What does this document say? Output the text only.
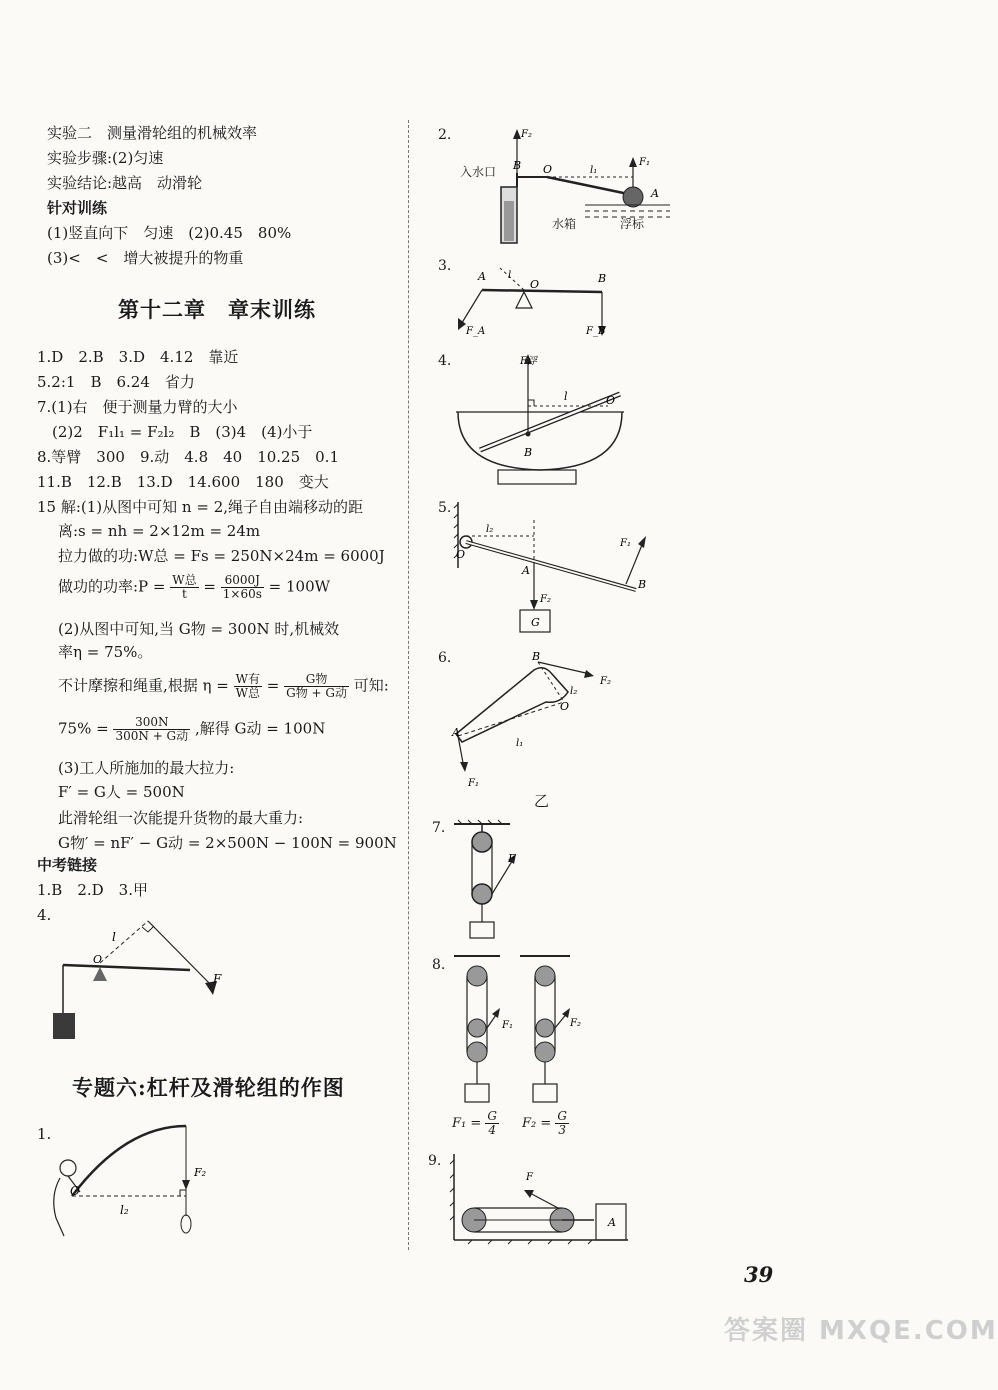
实验二　测量滑轮组的机械效率
实验步骤:(2)匀速
实验结论:越高　动滑轮
针对训练
(1)竖直向下　匀速　(2)0.45　80%
(3)<　<　增大被提升的物重
第十二章　章末训练
1.D　2.B　3.D　4.12　靠近
5.2:1　B　6.24　省力
7.(1)右　便于测量力臂的大小
(2)2　F₁l₁ = F₂l₂　B　(3)4　(4)小于
8.等臂　300　9.动　4.8　40　10.25　0.1
11.B　12.B　13.D　14.600　180　变大
15 解:(1)从图中可知 n = 2,绳子自由端移动的距
离:s = nh = 2×12m = 24m
拉力做的功:W总 = Fs = 250N×24m = 6000J
做功的功率:P = $\frac{\text{W总}}{t} = \frac{6000J}{1\times 60s} = 100W$
(2)从图中可知,当 G物 = 300N 时,机械效
率η = 75%。
不计摩擦和绳重,根据 $\eta = \frac{\text{W有}}{\text{W总}} = \frac{\text{G物}}{\text{G物 + G动}}$ 可知:
$75\% = \frac{300N}{\text{300N + G动}}$ ,解得 G动 = 100N
(3)工人所施加的最大拉力:
F′ = G人 = 500N
此滑轮组一次能提升货物的最大重力:
G物′ = nF′ − G动 = 2×500N − 100N = 900N
中考链接
1.B　2.D　3.甲
4.
O
l
F
专题六:杠杆及滑轮组的作图
1.
O
l₂
F₂
2.	F₂
B O	l₁
F₁
A
入水口
水箱	浮标
3.
A l
O	B
F_A	F_B
4.	F浮
l	O
B
5.
O
l₂
A
F₂
G
F₁
B
6.	B
l₂
F₂
O
A
l₁
F₁
乙
7.
F
8.
F₁	F₂
$F_1 = \frac{G}{4} F_2 = \frac{G}{3}$
9.
F
A
39
答案圈 MXQE.COM
